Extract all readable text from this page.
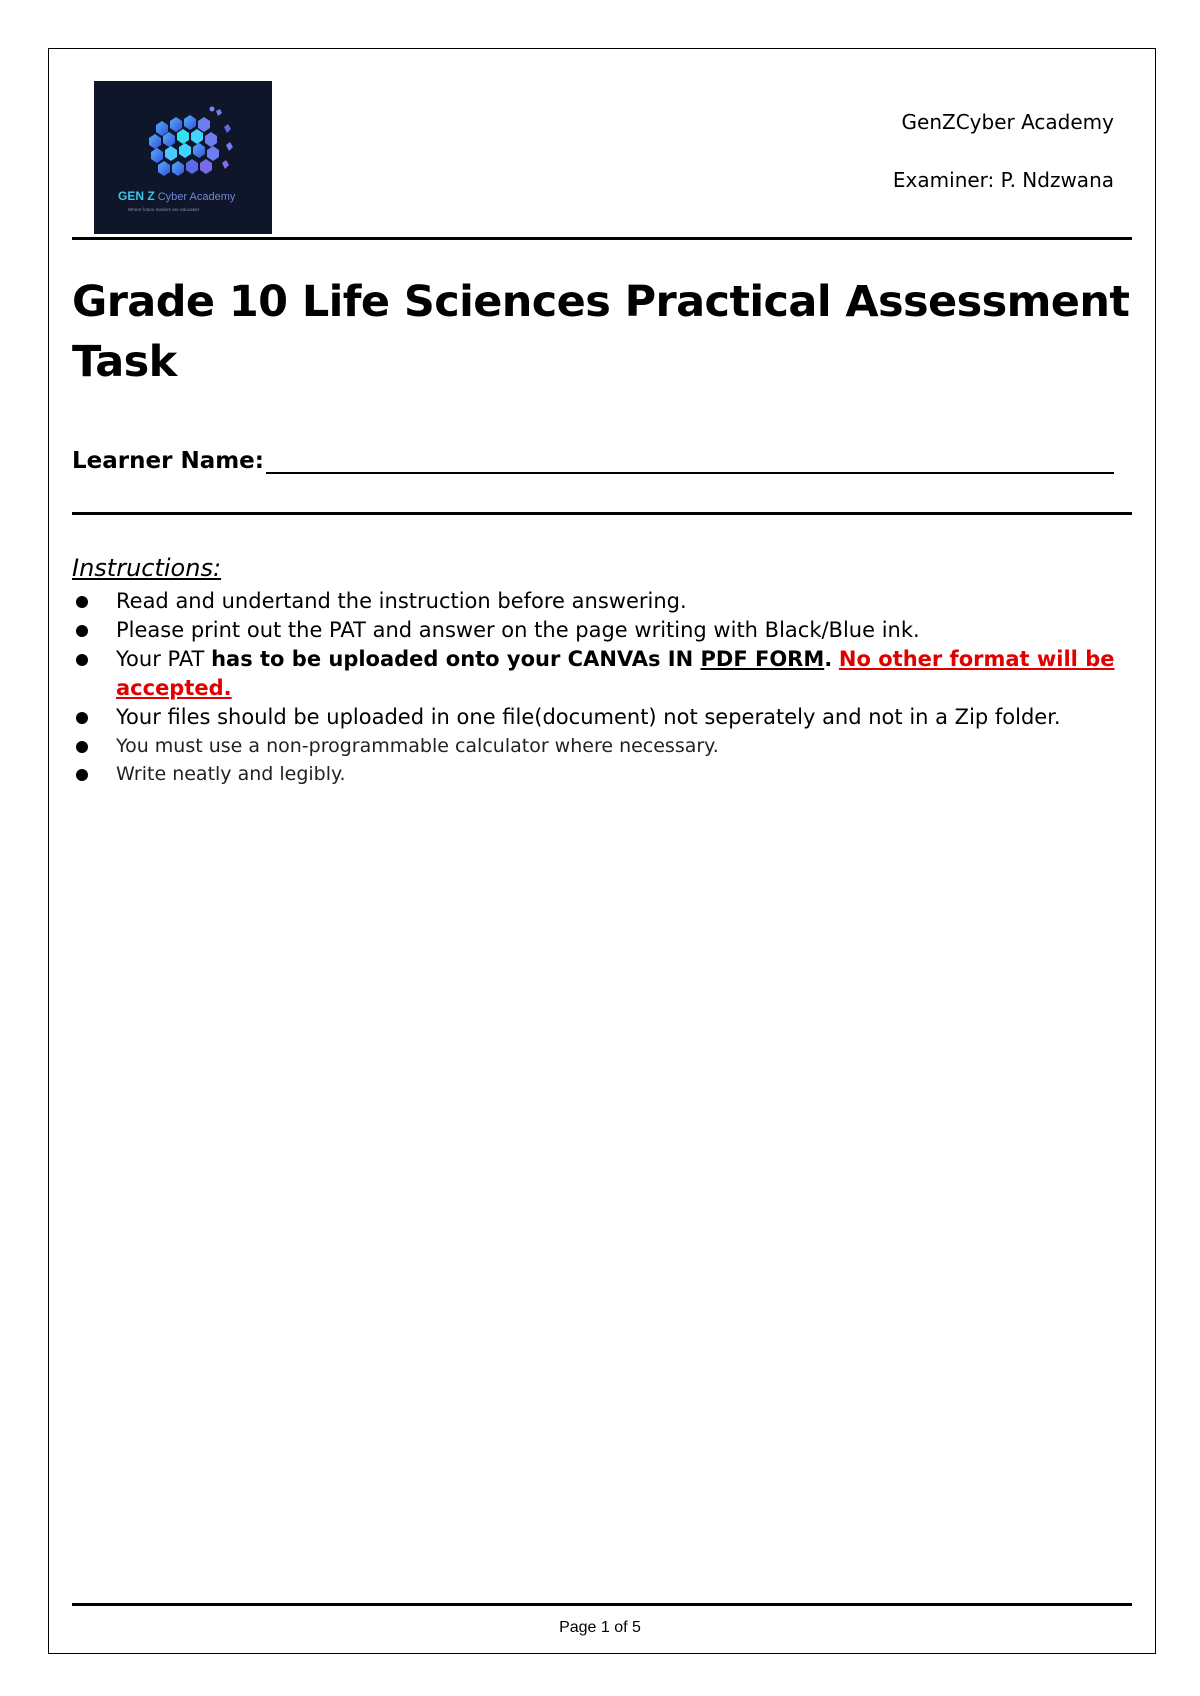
GEN Z Cyber Academy
Where future leaders are educated
GenZCyber Academy
Examiner: P. Ndzwana
Grade 10 Life Sciences Practical Assessment Task
Learner Name:
Instructions:
Read and undertand the instruction before answering.
Please print out the PAT and answer on the page writing with Black/Blue ink.
Your PAT has to be uploaded onto your CANVAs IN PDF FORM. No other format will be accepted.
Your files should be uploaded in one file(document) not seperately and not in a Zip folder.
You must use a non-programmable calculator where necessary.
Write neatly and legibly.
Page 1 of 5
